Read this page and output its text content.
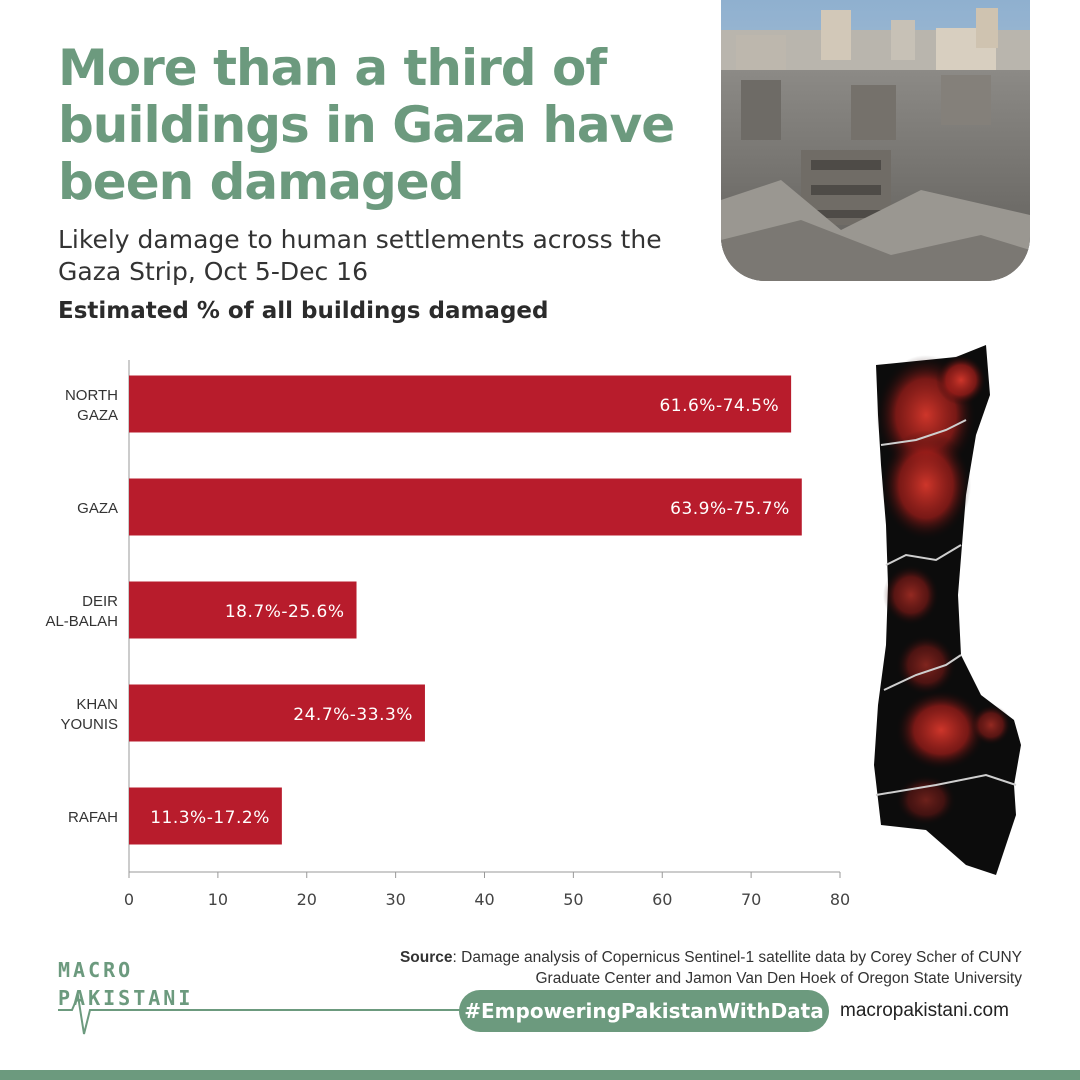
More than a third of buildings in Gaza have been damaged
Likely damage to human settlements across the Gaza Strip, Oct 5-Dec 16
Estimated % of all buildings damaged
61.6%-74.5%
NORTH
GAZA
63.9%-75.7%
GAZA
18.7%-25.6%
DEIR
AL-BALAH
24.7%-33.3%
KHAN
YOUNIS
11.3%-17.2%
RAFAH
0	10	20	30	40	50	60	70	80
Source: Damage analysis of Copernicus Sentinel-1 satellite data by Corey Scher of CUNY Graduate Center and Jamon Van Den Hoek of Oregon State University
MACRO
PAKISTANI
#EmpoweringPakistanWithData macropakistani.com
